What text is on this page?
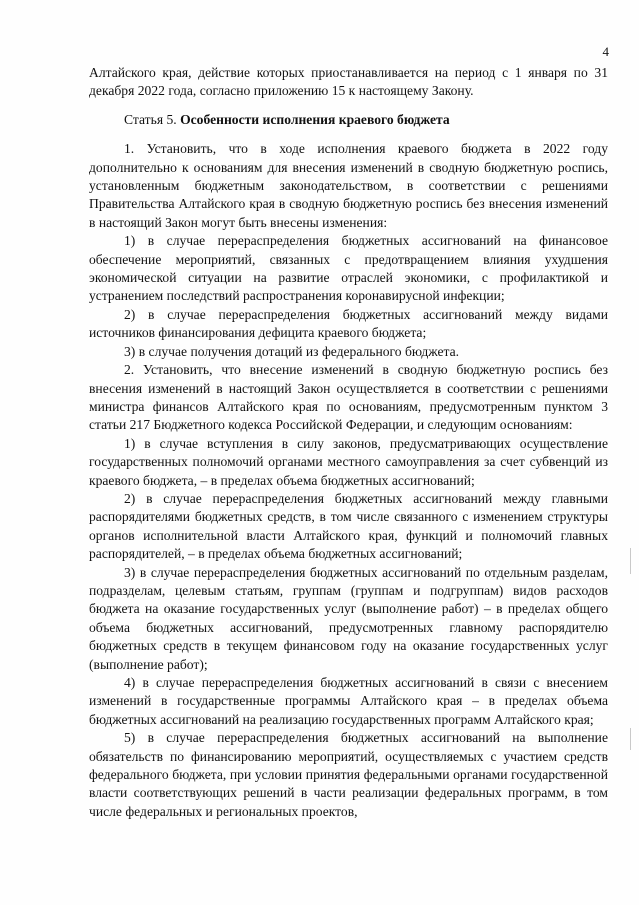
4

Алтайского края, действие которых приостанавливается на период с 1 января по 31 декабря 2022 года, согласно приложению 15 к настоящему Закону.

Статья 5. Особенности исполнения краевого бюджета

1. Установить, что в ходе исполнения краевого бюджета в 2022 году дополнительно к основаниям для внесения изменений в сводную бюджетную роспись, установленным бюджетным законодательством, в соответствии с решениями Правительства Алтайского края в сводную бюджетную роспись без внесения изменений в настоящий Закон могут быть внесены изменения:

1) в случае перераспределения бюджетных ассигнований на финансовое обеспечение мероприятий, связанных с предотвращением влияния ухудшения экономической ситуации на развитие отраслей экономики, с профилактикой и устранением последствий распространения коронавирусной инфекции;

2) в случае перераспределения бюджетных ассигнований между видами источников финансирования дефицита краевого бюджета;

3) в случае получения дотаций из федерального бюджета.

2. Установить, что внесение изменений в сводную бюджетную роспись без внесения изменений в настоящий Закон осуществляется в соответствии с решениями министра финансов Алтайского края по основаниям, предусмотренным пунктом 3 статьи 217 Бюджетного кодекса Российской Федерации, и следующим основаниям:

1) в случае вступления в силу законов, предусматривающих осуществление государственных полномочий органами местного самоуправления за счет субвенций из краевого бюджета, – в пределах объема бюджетных ассигнований;

2) в случае перераспределения бюджетных ассигнований между главными распорядителями бюджетных средств, в том числе связанного с изменением структуры органов исполнительной власти Алтайского края, функций и полномочий главных распорядителей, – в пределах объема бюджетных ассигнований;

3) в случае перераспределения бюджетных ассигнований по отдельным разделам, подразделам, целевым статьям, группам (группам и подгруппам) видов расходов бюджета на оказание государственных услуг (выполнение работ) – в пределах общего объема бюджетных ассигнований, предусмотренных главному распорядителю бюджетных средств в текущем финансовом году на оказание государственных услуг (выполнение работ);

4) в случае перераспределения бюджетных ассигнований в связи с внесением изменений в государственные программы Алтайского края – в пределах объема бюджетных ассигнований на реализацию государственных программ Алтайского края;

5) в случае перераспределения бюджетных ассигнований на выполнение обязательств по финансированию мероприятий, осуществляемых с участием средств федерального бюджета, при условии принятия федеральными органами государственной власти соответствующих решений в части реализации федеральных программ, в том числе федеральных и региональных проектов,
